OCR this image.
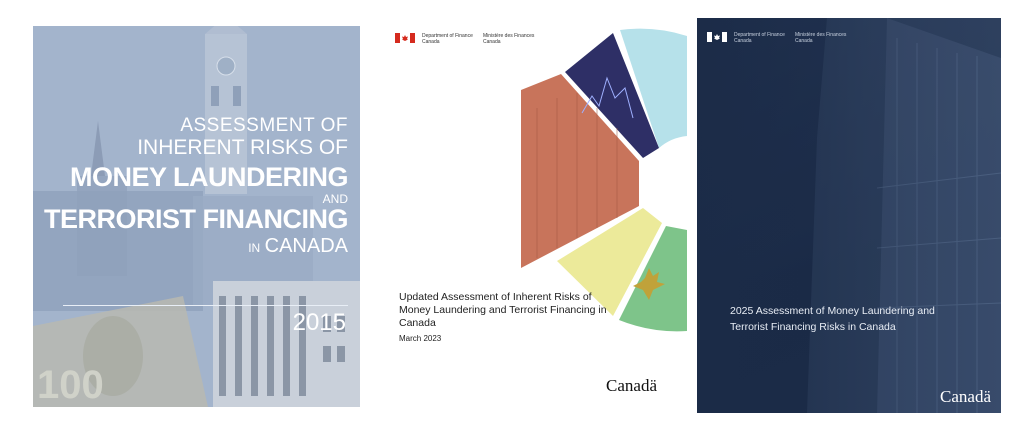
100
ASSESSMENT OF
INHERENT RISKS OF
MONEY LAUNDERING
AND
TERRORIST FINANCING
IN CANADA
2015
Department of Finance
Canada
Ministère des Finances
Canada
Updated Assessment of Inherent Risks of Money Laundering and Terrorist Financing in Canada
March 2023
Canadä
Department of Finance
Canada
Ministère des Finances
Canada
2025 Assessment of Money Laundering and Terrorist Financing Risks in Canada
Canadä
